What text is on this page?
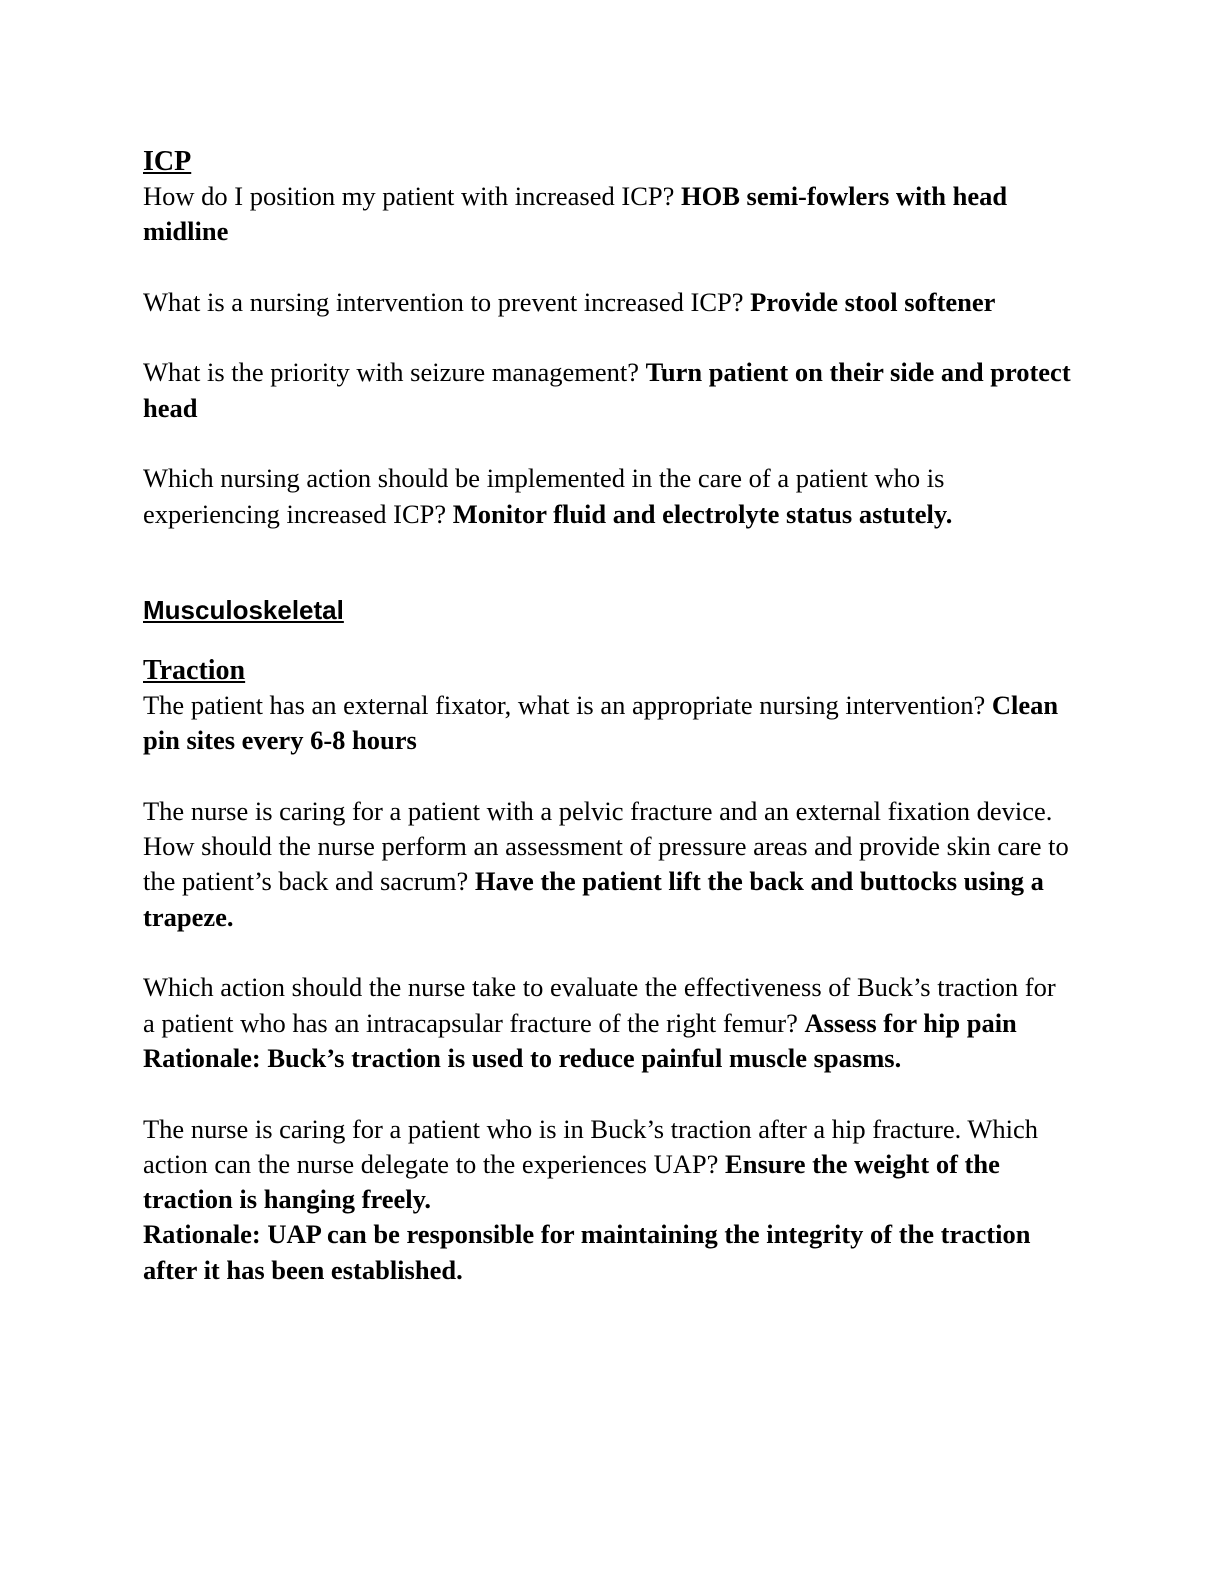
ICP

How do I position my patient with increased ICP? HOB semi-fowlers with head midline

What is a nursing intervention to prevent increased ICP? Provide stool softener

What is the priority with seizure management? Turn patient on their side and protect head

Which nursing action should be implemented in the care of a patient who is experiencing increased ICP? Monitor fluid and electrolyte status astutely.

Musculoskeletal

Traction

The patient has an external fixator, what is an appropriate nursing intervention? Clean pin sites every 6-8 hours

The nurse is caring for a patient with a pelvic fracture and an external fixation device. How should the nurse perform an assessment of pressure areas and provide skin care to the patient’s back and sacrum? Have the patient lift the back and buttocks using a trapeze.

Which action should the nurse take to evaluate the effectiveness of Buck’s traction for a patient who has an intracapsular fracture of the right femur? Assess for hip pain

Rationale: Buck’s traction is used to reduce painful muscle spasms.

The nurse is caring for a patient who is in Buck’s traction after a hip fracture. Which action can the nurse delegate to the experiences UAP? Ensure the weight of the traction is hanging freely.

Rationale: UAP can be responsible for maintaining the integrity of the traction after it has been established.
